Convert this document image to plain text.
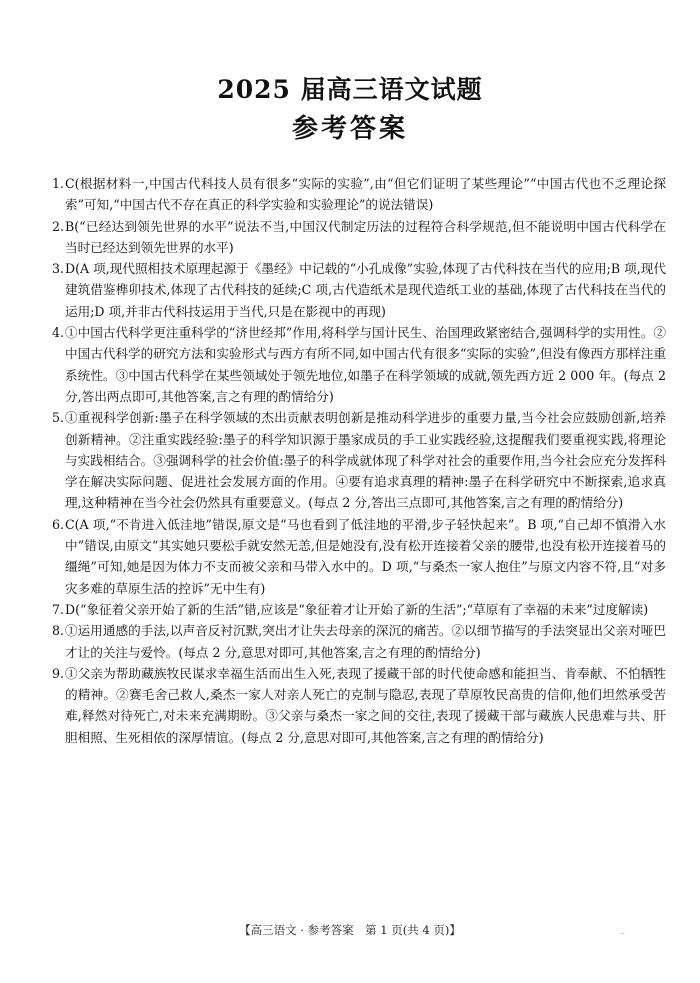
2025 届高三语文试题
参考答案
1. C(根据材料一,中国古代科技人员有很多“实际的实验”,由“但它们证明了某些理论”“中国古代也不乏理论探索”可知,“中国古代不存在真正的科学实验和实验理论”的说法错误)
2. B(“已经达到领先世界的水平”说法不当,中国汉代制定历法的过程符合科学规范,但不能说明中国古代科学在当时已经达到领先世界的水平)
3. D(A 项,现代照相技术原理起源于《墨经》中记载的“小孔成像”实验,体现了古代科技在当代的应用;B 项,现代建筑借鉴榫卯技术,体现了古代科技的延续;C 项,古代造纸术是现代造纸工业的基础,体现了古代科技在当代的运用;D 项,并非古代科技运用于当代,只是在影视中的再现)
4. ①中国古代科学更注重科学的“济世经邦”作用,将科学与国计民生、治国理政紧密结合,强调科学的实用性。②中国古代科学的研究方法和实验形式与西方有所不同,如中国古代有很多“实际的实验”,但没有像西方那样注重系统性。③中国古代科学在某些领域处于领先地位,如墨子在科学领域的成就,领先西方近 2 000 年。(每点 2 分,答出两点即可,其他答案,言之有理的酌情给分)
5. ①重视科学创新:墨子在科学领域的杰出贡献表明创新是推动科学进步的重要力量,当今社会应鼓励创新,培养创新精神。②注重实践经验:墨子的科学知识源于墨家成员的手工业实践经验,这提醒我们要重视实践,将理论与实践相结合。③强调科学的社会价值:墨子的科学成就体现了科学对社会的重要作用,当今社会应充分发挥科学在解决实际问题、促进社会发展方面的作用。④要有追求真理的精神:墨子在科学研究中不断探索,追求真理,这种精神在当今社会仍然具有重要意义。(每点 2 分,答出三点即可,其他答案,言之有理的酌情给分)
6. C(A 项,“不肯进入低洼地”错误,原文是“马也看到了低洼地的平滑,步子轻快起来”。B 项,“自己却不慎滑入水中”错误,由原文“其实她只要松手就安然无恙,但是她没有,没有松开连接着父亲的腰带,也没有松开连接着马的缰绳”可知,她是因为体力不支而被父亲和马带入水中的。D 项,“与桑杰一家人抱住”与原文内容不符,且“对多灾多难的草原生活的控诉”无中生有)
7. D(“象征着父亲开始了新的生活”错,应该是“象征着才让开始了新的生活”;“草原有了幸福的未来”过度解读)
8. ①运用通感的手法,以声音反衬沉默,突出才让失去母亲的深沉的痛苦。②以细节描写的手法突显出父亲对哑巴才让的关注与爱怜。(每点 2 分,意思对即可,其他答案,言之有理的酌情给分)
9. ①父亲为帮助藏族牧民谋求幸福生活而出生入死,表现了援藏干部的时代使命感和能担当、肯奉献、不怕牺牲的精神。②赛毛舍己救人,桑杰一家人对亲人死亡的克制与隐忍,表现了草原牧民高贵的信仰,他们坦然承受苦难,释然对待死亡,对未来充满期盼。③父亲与桑杰一家之间的交往,表现了援藏干部与藏族人民患难与共、肝胆相照、生死相依的深厚情谊。(每点 2 分,意思对即可,其他答案,言之有理的酌情给分)
【高三语文 · 参考答案　第 1 页(共 4 页)】	..
